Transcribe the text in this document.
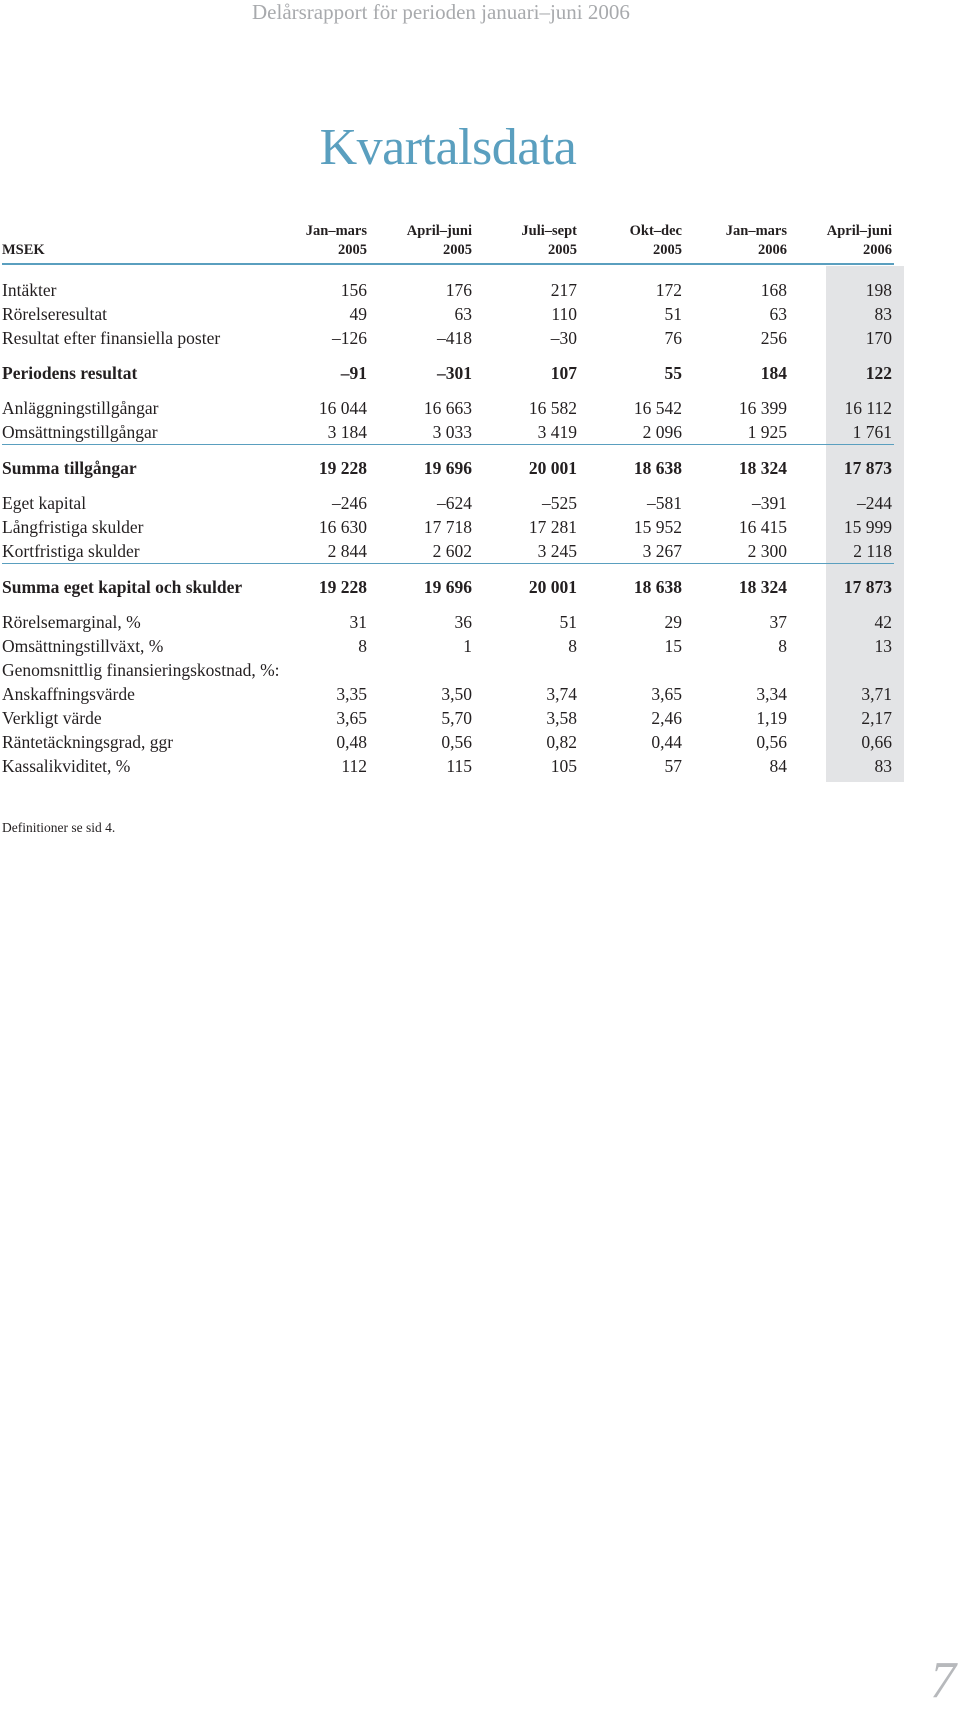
Delårsrapport för perioden januari–juni 2006
Kvartalsdata
	Jan–mars	April–juni	Juli–sept	Okt–dec	Jan–mars	April–juni
MSEK	2005	2005	2005	2005	2006	2006

Intäkter	156	176	217	172	168	198
Rörelseresultat	49	63	110	51	63	83
Resultat efter finansiella poster	–126	–418	–30	76	256	170

Periodens resultat	–91	–301	107	55	184	122

Anläggningstillgångar	16 044	16 663	16 582	16 542	16 399	16 112
Omsättningstillgångar	3 184	3 033	3 419	2 096	1 925	1 761

Summa tillgångar	19 228	19 696	20 001	18 638	18 324	17 873

Eget kapital	–246	–624	–525	–581	–391	–244
Långfristiga skulder	16 630	17 718	17 281	15 952	16 415	15 999
Kortfristiga skulder	2 844	2 602	3 245	3 267	2 300	2 118

Summa eget kapital och skulder	19 228	19 696	20 001	18 638	18 324	17 873

Rörelsemarginal, %	31	36	51	29	37	42
Omsättningstillväxt, %	8	1	8	15	8	13
Genomsnittlig finansieringskostnad, %:						
Anskaffningsvärde	3,35	3,50	3,74	3,65	3,34	3,71
Verkligt värde	3,65	5,70	3,58	2,46	1,19	2,17
Räntetäckningsgrad, ggr	0,48	0,56	0,82	0,44	0,56	0,66
Kassalikviditet, %	112	115	105	57	84	83
Definitioner se sid 4.
7
